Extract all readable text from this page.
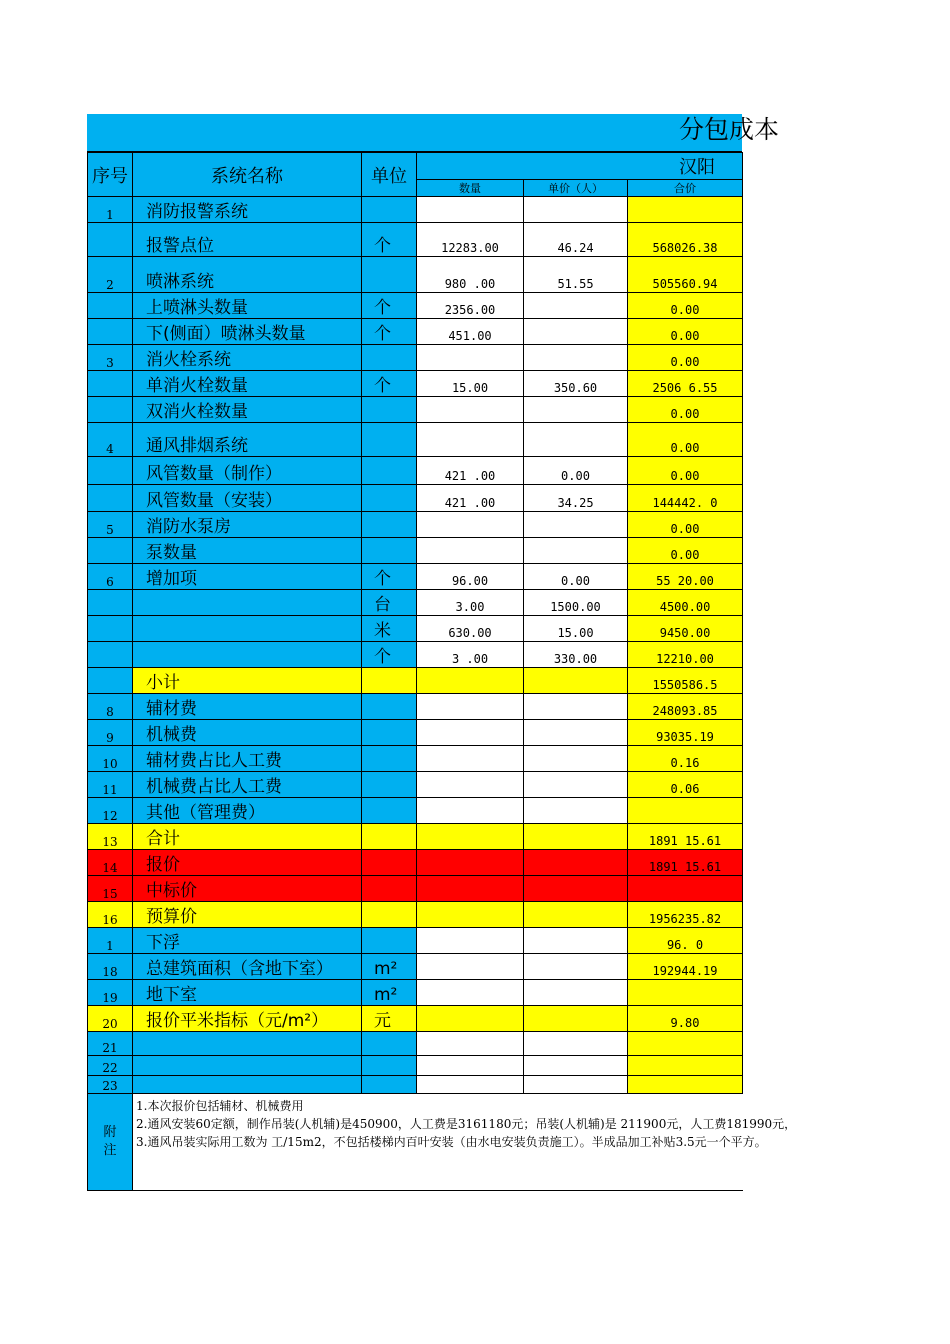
分包成本
序号	系统名称	单位	汉阳		
			数量	单价（人）	合价
1	消防报警系统				
	报警点位	个	12283.00	46.24	568026.38
2	喷淋系统		980 .00	51.55	505560.94
	上喷淋头数量	个	2356.00		0.00
	下(侧面）喷淋头数量	个	451.00		0.00
3	消火栓系统				0.00
	单消火栓数量	个	15.00	350.60	2506 6.55
	双消火栓数量				0.00
4	通风排烟系统				0.00
	风管数量（制作）		421 .00	0.00	0.00
	风管数量（安装）		421 .00	34.25	144442. 0
5	消防水泵房				0.00
	泵数量				0.00
6	增加项	个	96.00	0.00	55 20.00
		台	3.00	1500.00	4500.00
		米	630.00	15.00	9450.00
		个	3 .00	330.00	12210.00
	小计				1550586.5
8	辅材费				248093.85
9	机械费				93035.19
10	辅材费占比人工费				0.16
11	机械费占比人工费				0.06
12	其他（管理费）				
13	合计				1891 15.61
14	报价				1891 15.61
15	中标价				
16	预算价				1956235.82
1	下浮				96. 0
18	总建筑面积（含地下室）	m²			192944.19
19	地下室	m²			
20	报价平米指标（元/m²）	元			9.80
21					
22					
23					
附注	1.本次报价包括辅材、机械费用
2.通风安装60定额，制作吊装(人机辅)是450900，人工费是3161180元；吊装(人机辅)是 211900元，人工费181990元，
3.通风吊装实际用工数为 工/15m2，不包括楼梯内百叶安装（由水电安装负责施工）。半成品加工补贴3.5元一个平方。				
